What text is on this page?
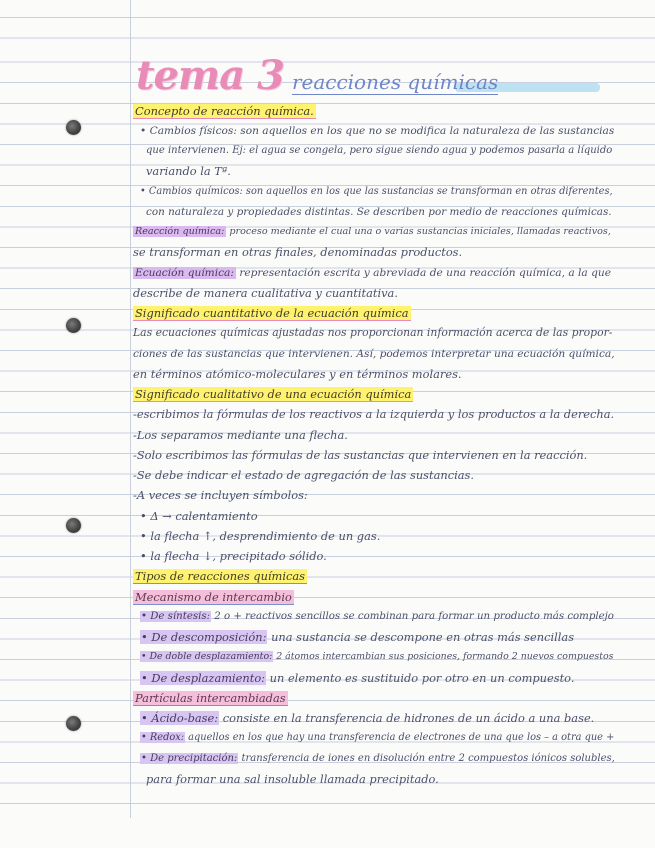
tema 3 reacciones químicas
Concepto de reacción química.
• Cambios físicos: son aquellos en los que no se modifica la naturaleza de las sustancias
que intervienen. Ej: el agua se congela, pero sigue siendo agua y podemos pasarla a líquido
variando la Tª.
• Cambios químicos: son aquellos en los que las sustancias se transforman en otras diferentes,
con naturaleza y propiedades distintas. Se describen por medio de reacciones químicas.
Reacción química: proceso mediante el cual una o varias sustancias iniciales, llamadas reactivos,
se transforman en otras finales, denominadas productos.
Ecuación química: representación escrita y abreviada de una reacción química, a la que
describe de manera cualitativa y cuantitativa.
Significado cuantitativo de la ecuación química
Las ecuaciones químicas ajustadas nos proporcionan información acerca de las propor-
ciones de las sustancias que intervienen. Así, podemos interpretar una ecuación química,
en términos atómico-moleculares y en términos molares.
Significado cualitativo de una ecuación química
-escribimos la fórmulas de los reactivos a la izquierda y los productos a la derecha.
-Los separamos mediante una flecha.
-Solo escribimos las fórmulas de las sustancias que intervienen en la reacción.
-Se debe indicar el estado de agregación de las sustancias.
-A veces se incluyen símbolos:
• Δ → calentamiento
• la flecha ↑, desprendimiento de un gas.
• la flecha ↓, precipitado sólido.
Tipos de reacciones químicas
Mecanismo de intercambio
• De síntesis: 2 o + reactivos sencillos se combinan para formar un producto más complejo
• De descomposición: una sustancia se descompone en otras más sencillas
• De doble desplazamiento: 2 átomos intercambian sus posiciones, formando 2 nuevos compuestos
• De desplazamiento: un elemento es sustituido por otro en un compuesto.
Partículas intercambiadas
• Ácido-base: consiste en la transferencia de hidrones de un ácido a una base.
• Redox: aquellos en los que hay una transferencia de electrones de una que los – a otra que +
• De precipitación: transferencia de iones en disolución entre 2 compuestos iónicos solubles,
para formar una sal insoluble llamada precipitado.
